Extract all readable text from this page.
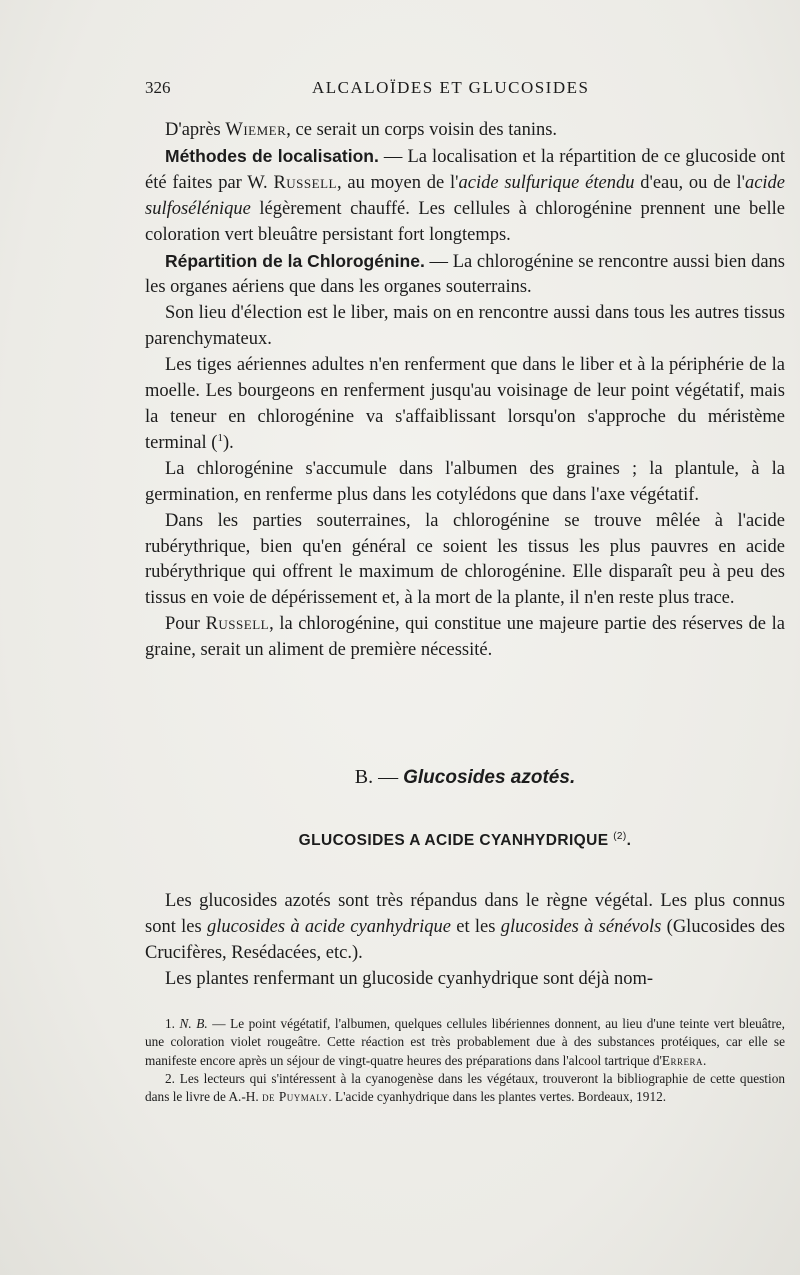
326	ALCALOÏDES ET GLUCOSIDES

D'après Wiemer, ce serait un corps voisin des tanins.

Méthodes de localisation. — La localisation et la répartition de ce glucoside ont été faites par W. Russell, au moyen de l'acide sulfurique étendu d'eau, ou de l'acide sulfosélénique légèrement chauffé. Les cellules à chlorogénine prennent une belle coloration vert bleuâtre persistant fort longtemps.

Répartition de la Chlorogénine. — La chlorogénine se rencontre aussi bien dans les organes aériens que dans les organes souterrains.

Son lieu d'élection est le liber, mais on en rencontre aussi dans tous les autres tissus parenchymateux.

Les tiges aériennes adultes n'en renferment que dans le liber et à la périphérie de la moelle. Les bourgeons en renferment jusqu'au voisinage de leur point végétatif, mais la teneur en chlorogénine va s'affaiblissant lorsqu'on s'approche du méristème terminal ($^1$).

La chlorogénine s'accumule dans l'albumen des graines ; la plantule, à la germination, en renferme plus dans les cotylédons que dans l'axe végétatif.

Dans les parties souterraines, la chlorogénine se trouve mêlée à l'acide rubérythrique, bien qu'en général ce soient les tissus les plus pauvres en acide rubérythrique qui offrent le maximum de chlorogénine. Elle disparaît peu à peu des tissus en voie de dépérissement et, à la mort de la plante, il n'en reste plus trace.

Pour Russell, la chlorogénine, qui constitue une majeure partie des réserves de la graine, serait un aliment de première nécessité.

B. — Glucosides azotés.
GLUCOSIDES A ACIDE CYANHYDRIQUE $^{(2)}$.

Les glucosides azotés sont très répandus dans le règne végétal. Les plus connus sont les glucosides à acide cyanhydrique et les glucosides à sénévols (Glucosides des Crucifères, Resédacées, etc.).

Les plantes renfermant un glucoside cyanhydrique sont déjà nom-

1. N. B. — Le point végétatif, l'albumen, quelques cellules libériennes donnent, au lieu d'une teinte vert bleuâtre, une coloration violet rougeâtre. Cette réaction est très probablement due à des substances protéiques, car elle se manifeste encore après un séjour de vingt-quatre heures des préparations dans l'alcool tartrique d'Errera.

2. Les lecteurs qui s'intéressent à la cyanogenèse dans les végétaux, trouveront la bibliographie de cette question dans le livre de A.-H. de Puymaly. L'acide cyanhydrique dans les plantes vertes. Bordeaux, 1912.
